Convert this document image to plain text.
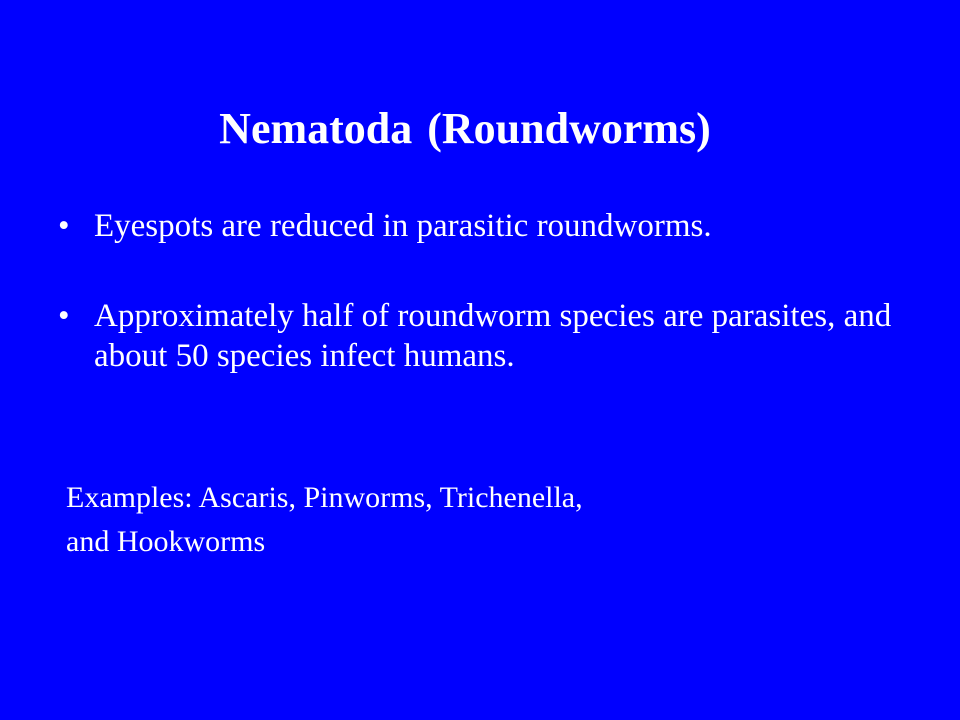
Nematoda (Roundworms)
• Eyespots are reduced in parasitic roundworms.
• Approximately half of roundworm species are parasites, and about 50 species infect humans.
Examples: Ascaris, Pinworms, Trichenella,
and Hookworms
